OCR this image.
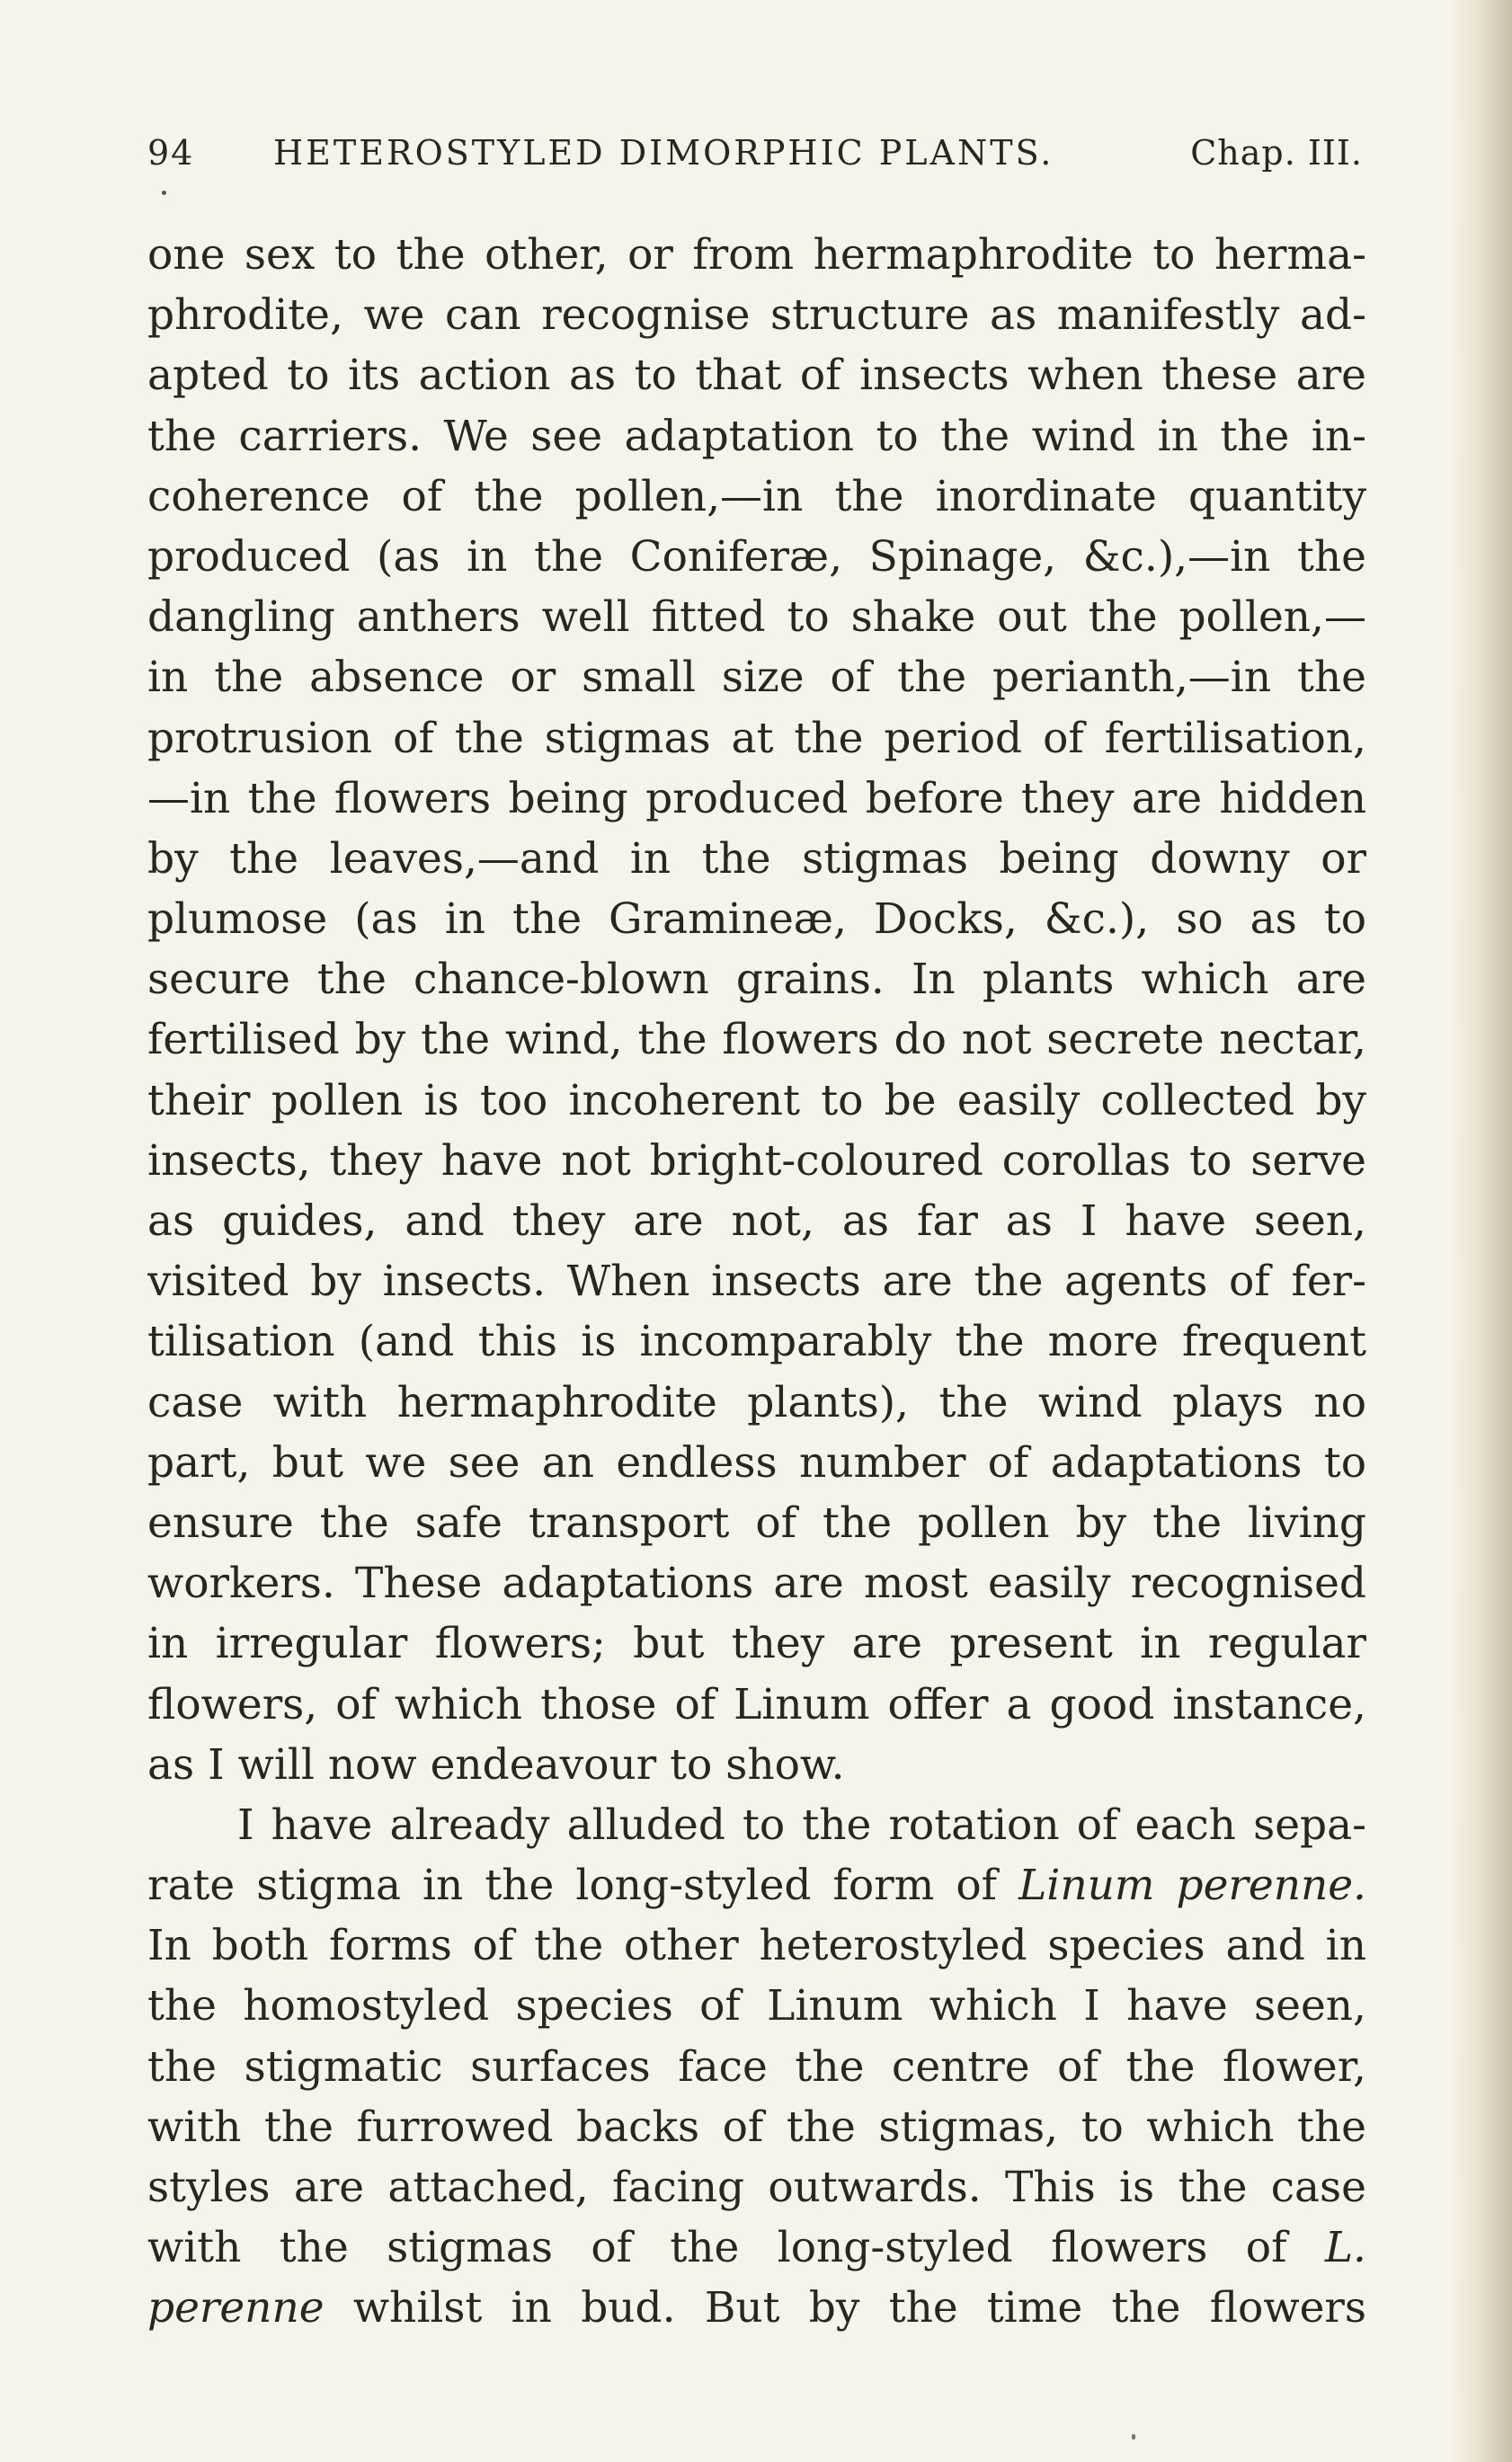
94 HETEROSTYLED DIMORPHIC PLANTS.	Chap. III.
one sex to the other, or from hermaphrodite to herma-
phrodite, we can recognise structure as manifestly ad-
apted to its action as to that of insects when these are
the carriers. We see adaptation to the wind in the in-
coherence of the pollen,—in the inordinate quantity
produced (as in the Coniferæ, Spinage, &c.),—in the
dangling anthers well fitted to shake out the pollen,—
in the absence or small size of the perianth,—in the
protrusion of the stigmas at the period of fertilisation,
—in the flowers being produced before they are hidden
by the leaves,—and in the stigmas being downy or
plumose (as in the Gramineæ, Docks, &c.), so as to
secure the chance-blown grains. In plants which are
fertilised by the wind, the flowers do not secrete nectar,
their pollen is too incoherent to be easily collected by
insects, they have not bright-coloured corollas to serve
as guides, and they are not, as far as I have seen,
visited by insects. When insects are the agents of fer-
tilisation (and this is incomparably the more frequent
case with hermaphrodite plants), the wind plays no
part, but we see an endless number of adaptations to
ensure the safe transport of the pollen by the living
workers. These adaptations are most easily recognised
in irregular flowers; but they are present in regular
flowers, of which those of Linum offer a good instance,
as I will now endeavour to show.
I have already alluded to the rotation of each sepa-
rate stigma in the long-styled form of Linum perenne.
In both forms of the other heterostyled species and in
the homostyled species of Linum which I have seen,
the stigmatic surfaces face the centre of the flower,
with the furrowed backs of the stigmas, to which the
styles are attached, facing outwards. This is the case
with the stigmas of the long-styled flowers of L.
perenne whilst in bud. But by the time the flowers
